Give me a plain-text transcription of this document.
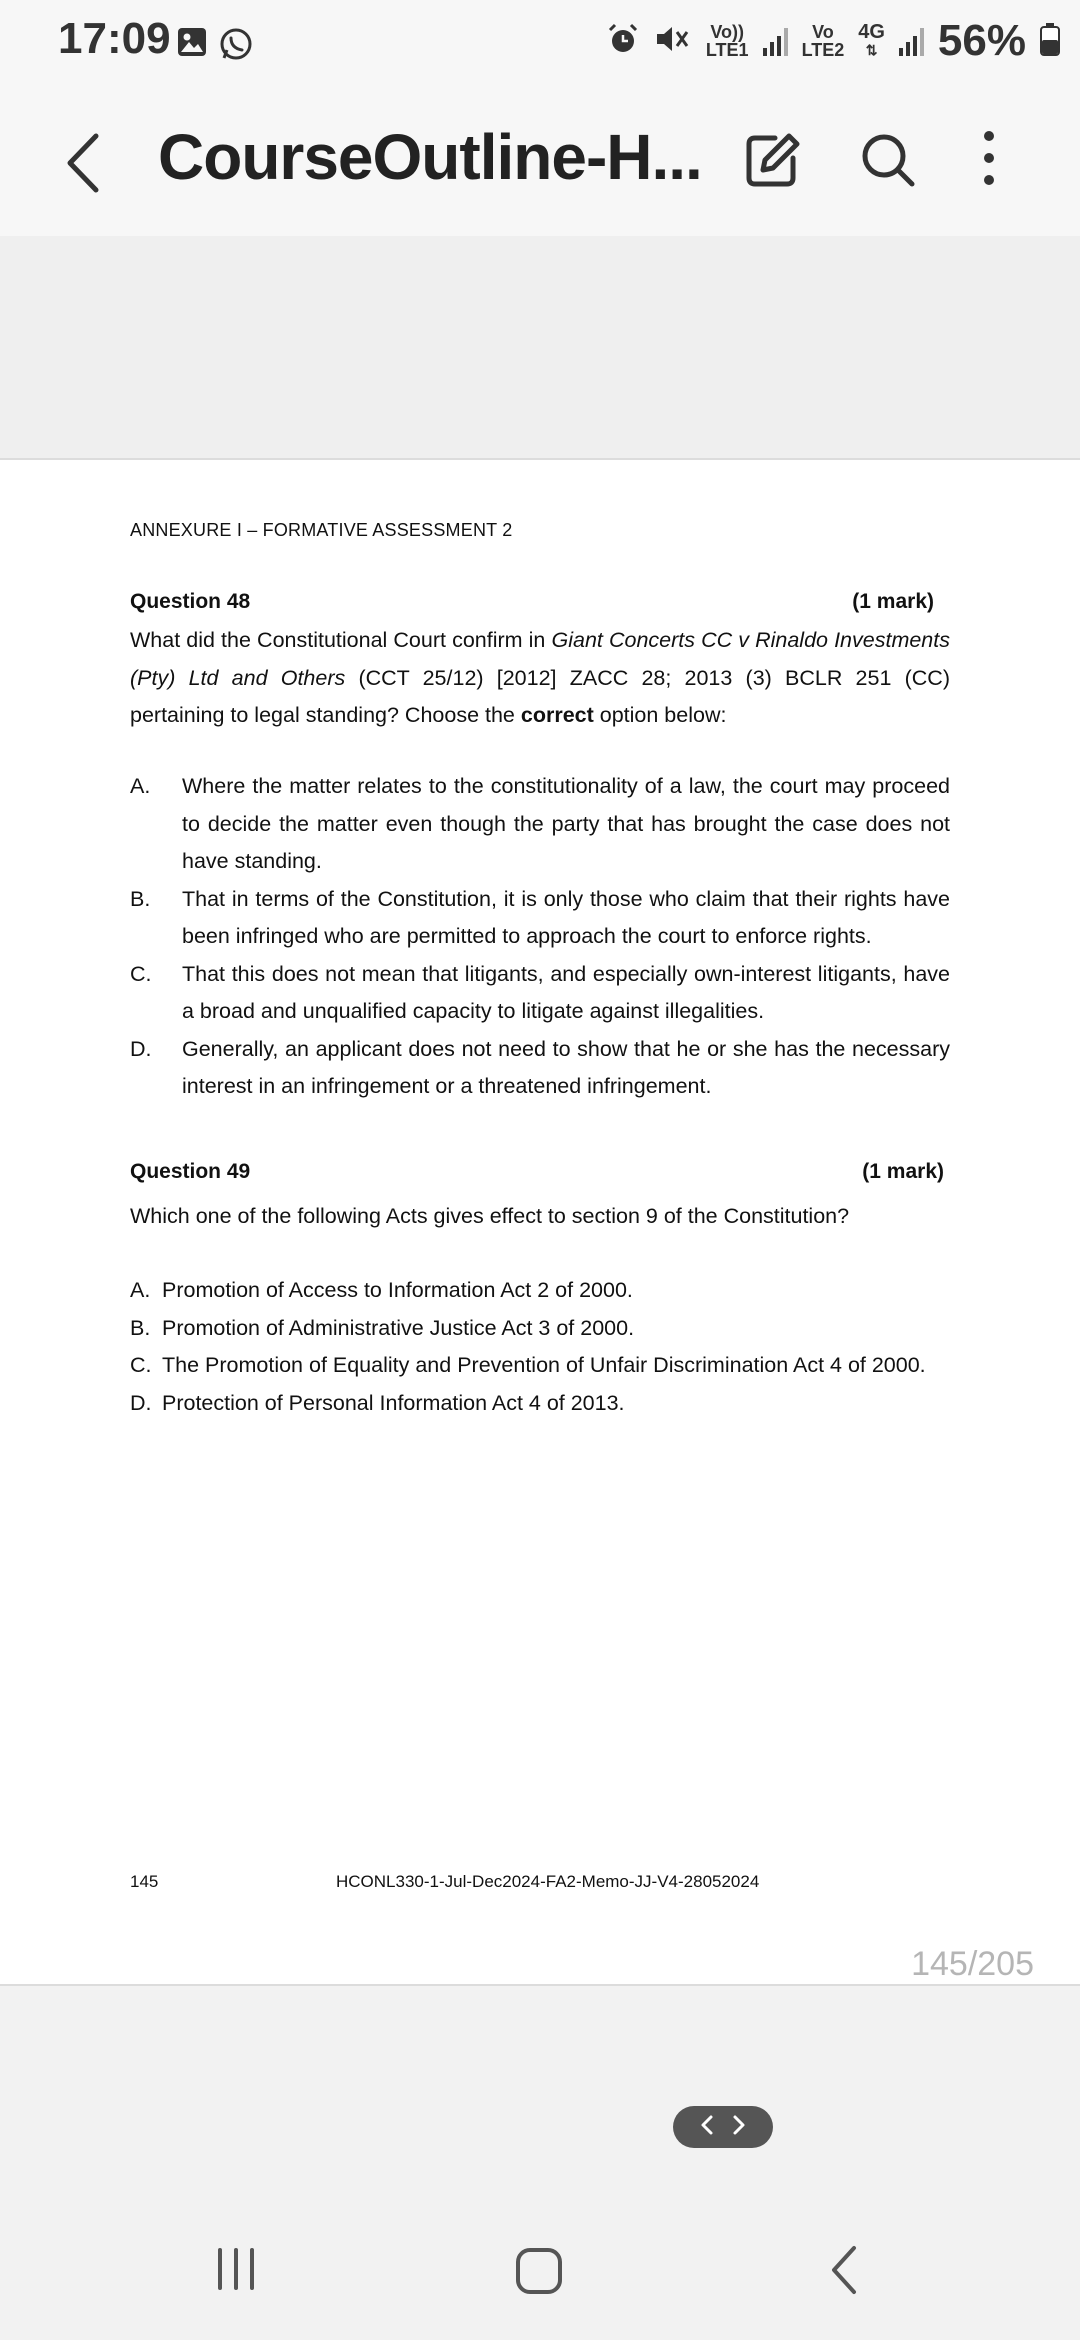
17:09	Vo))
LTE1
Vo
LTE2
4G
⇅ 56%
CourseOutline-H...
ANNEXURE I – FORMATIVE ASSESSMENT 2
Question 48	(1 mark)
What did the Constitutional Court confirm in Giant Concerts CC v Rinaldo Investments (Pty) Ltd and Others (CCT 25/12) [2012] ZACC 28; 2013 (3) BCLR 251 (CC) pertaining to legal standing? Choose the correct option below:
A.	Where the matter relates to the constitutionality of a law, the court may proceed to decide the matter even though the party that has brought the case does not have standing.
B.	That in terms of the Constitution, it is only those who claim that their rights have been infringed who are permitted to approach the court to enforce rights.
C.	That this does not mean that litigants, and especially own-interest litigants, have a broad and unqualified capacity to litigate against illegalities.
D.	Generally, an applicant does not need to show that he or she has the necessary interest in an infringement or a threatened infringement.
Question 49	(1 mark)
Which one of the following Acts gives effect to section 9 of the Constitution?
A. Promotion of Access to Information Act 2 of 2000.
B. Promotion of Administrative Justice Act 3 of 2000.
C. The Promotion of Equality and Prevention of Unfair Discrimination Act 4 of 2000.
D. Protection of Personal Information Act 4 of 2013.
145	HCONL330-1-Jul-Dec2024-FA2-Memo-JJ-V4-28052024
145/205
